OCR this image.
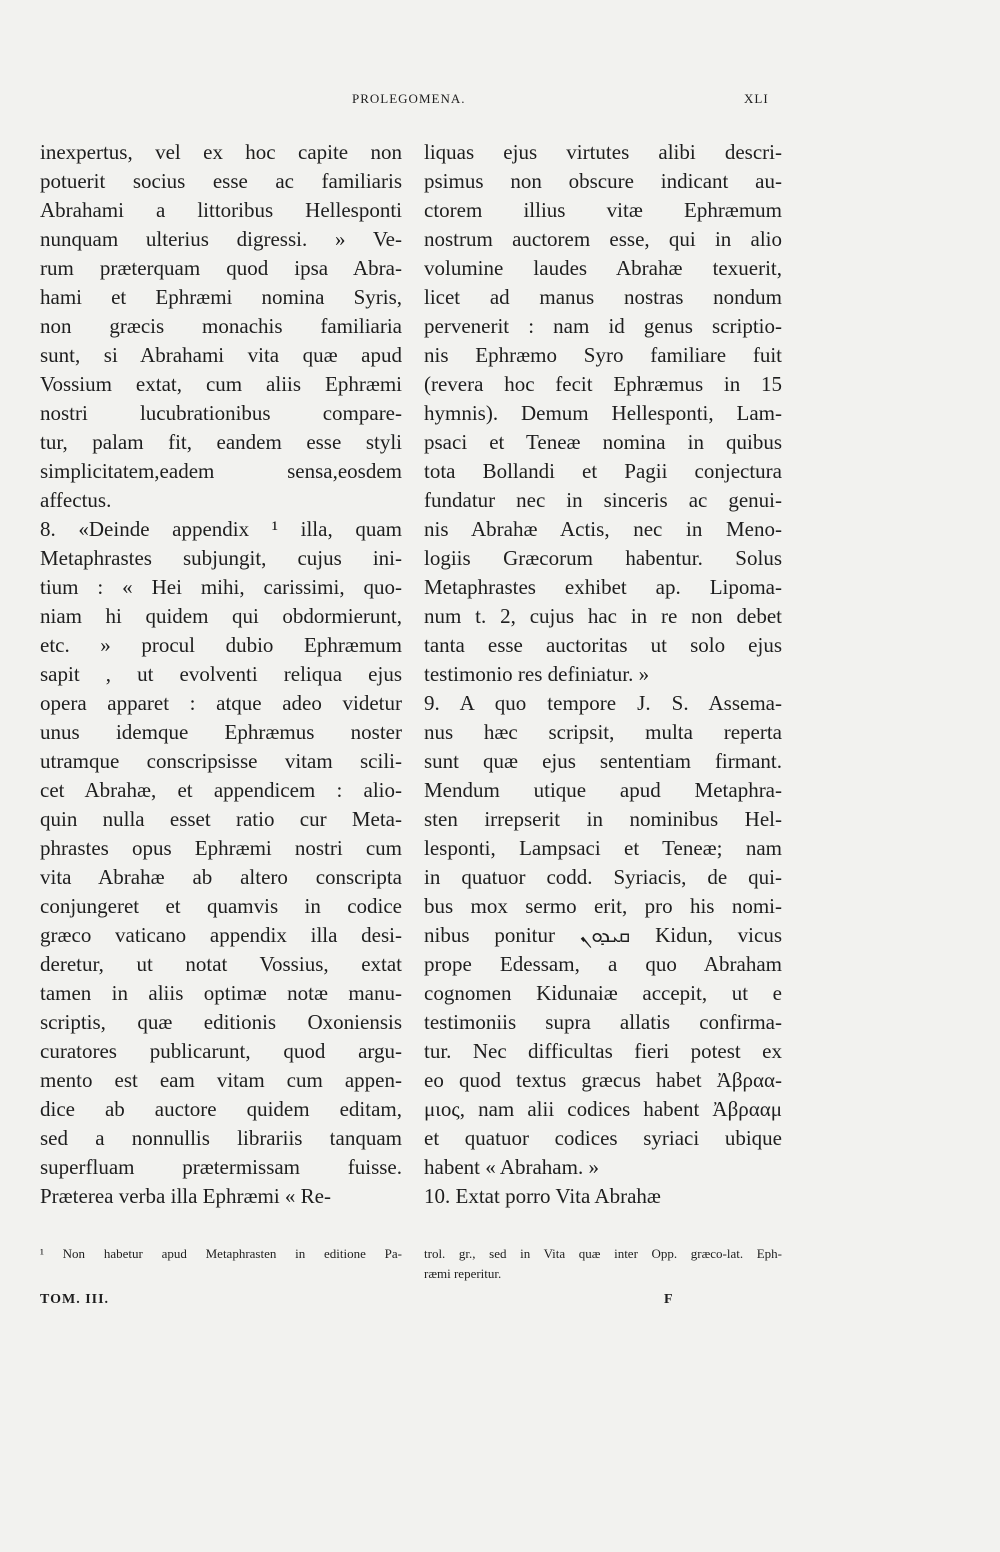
PROLEGOMENA.	XLI
inexpertus, vel ex hoc capite non
potuerit socius esse ac familiaris
Abrahami a littoribus Hellesponti
nunquam ulterius digressi. » Ve-
rum præterquam quod ipsa Abra-
hami et Ephræmi nomina Syris,
non græcis monachis familiaria
sunt, si Abrahami vita quæ apud
Vossium extat, cum aliis Ephræmi
nostri lucubrationibus compare-
tur, palam fit, eandem esse styli
simplicitatem,eadem sensa,eosdem
affectus.
8. «Deinde appendix ¹ illa, quam
Metaphrastes subjungit, cujus ini-
tium : « Hei mihi, carissimi, quo-
niam hi quidem qui obdormierunt,
etc. » procul dubio Ephræmum
sapit , ut evolventi reliqua ejus
opera apparet : atque adeo videtur
unus idemque Ephræmus noster
utramque conscripsisse vitam scili-
cet Abrahæ, et appendicem : alio-
quin nulla esset ratio cur Meta-
phrastes opus Ephræmi nostri cum
vita Abrahæ ab altero conscripta
conjungeret et quamvis in codice
græco vaticano appendix illa desi-
deretur, ut notat Vossius, extat
tamen in aliis optimæ notæ manu-
scriptis, quæ editionis Oxoniensis
curatores publicarunt, quod argu-
mento est eam vitam cum appen-
dice ab auctore quidem editam,
sed a nonnullis librariis tanquam
superfluam prætermissam fuisse.
Præterea verba illa Ephræmi « Re-
liquas ejus virtutes alibi descri-
psimus non obscure indicant au-
ctorem illius vitæ Ephræmum
nostrum auctorem esse, qui in alio
volumine laudes Abrahæ texuerit,
licet ad manus nostras nondum
pervenerit : nam id genus scriptio-
nis Ephræmo Syro familiare fuit
(revera hoc fecit Ephræmus in 15
hymnis). Demum Hellesponti, Lam-
psaci et Teneæ nomina in quibus
tota Bollandi et Pagii conjectura
fundatur nec in sinceris ac genui-
nis Abrahæ Actis, nec in Meno-
logiis Græcorum habentur. Solus
Metaphrastes exhibet ap. Lipoma-
num t. 2, cujus hac in re non debet
tanta esse auctoritas ut solo ejus
testimonio res definiatur. »
9. A quo tempore J. S. Assema-
nus hæc scripsit, multa reperta
sunt quæ ejus sententiam firmant.
Mendum utique apud Metaphra-
sten irrepserit in nominibus Hel-
lesponti, Lampsaci et Teneæ; nam
in quatuor codd. Syriacis, de qui-
bus mox sermo erit, pro his nomi-
nibus ponitur ܩܝܕܘܢ Kidun, vicus
prope Edessam, a quo Abraham
cognomen Kidunaiæ accepit, ut e
testimoniis supra allatis confirma-
tur. Nec difficultas fieri potest ex
eo quod textus græcus habet Ἀβραα-
μιος, nam alii codices habent Ἀβρααμ
et quatuor codices syriaci ubique
habent « Abraham. »
10. Extat porro Vita Abrahæ
¹ Non habetur apud Metaphrasten in editione Pa- trol. gr., sed in Vita quæ inter Opp. græco-lat. Eph-
ræmi reperitur.
TOM. III.	F
